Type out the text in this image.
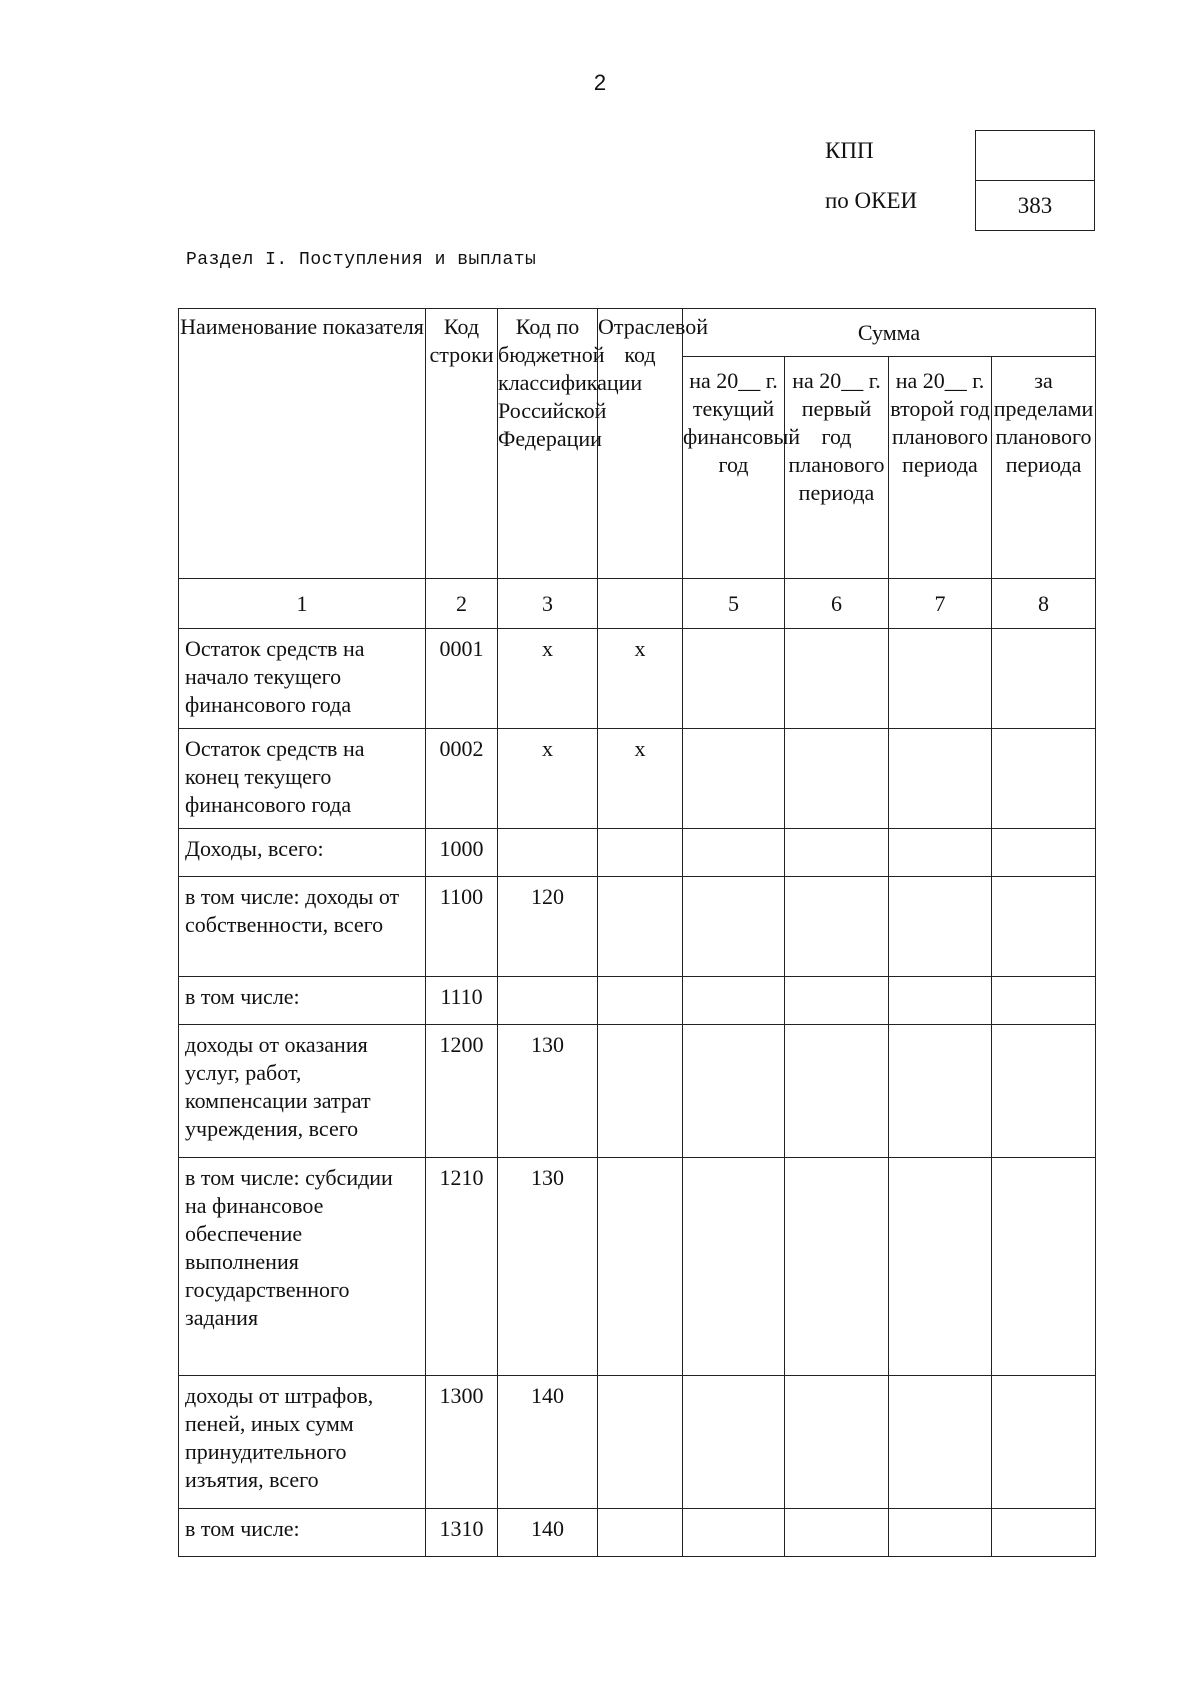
2
КПП
по ОКЕИ	383
Раздел I. Поступления и выплаты
Наименование показателя	Код строки	Код по бюджетной классификации Российской Федерации	Отраслевой код	Сумма			
				на 20__ г. текущий финансовый год	на 20__ г. первый год планового периода	на 20__ г. второй год планового периода	за пределами планового периода
1	2	3		5	6	7	8
Остаток средств на начало текущего финансового года	0001	х	х				
Остаток средств на конец текущего финансового года	0002	х	х				
Доходы, всего:	1000						
в том числе: доходы от собственности, всего	1100	120					
в том числе:	1110						
доходы от оказания услуг, работ, компенсации затрат учреждения, всего	1200	130					
в том числе: субсидии на финансовое обеспечение выполнения государственного задания	1210	130					
доходы от штрафов, пеней, иных сумм принудительного изъятия, всего	1300	140					
в том числе:	1310	140					
